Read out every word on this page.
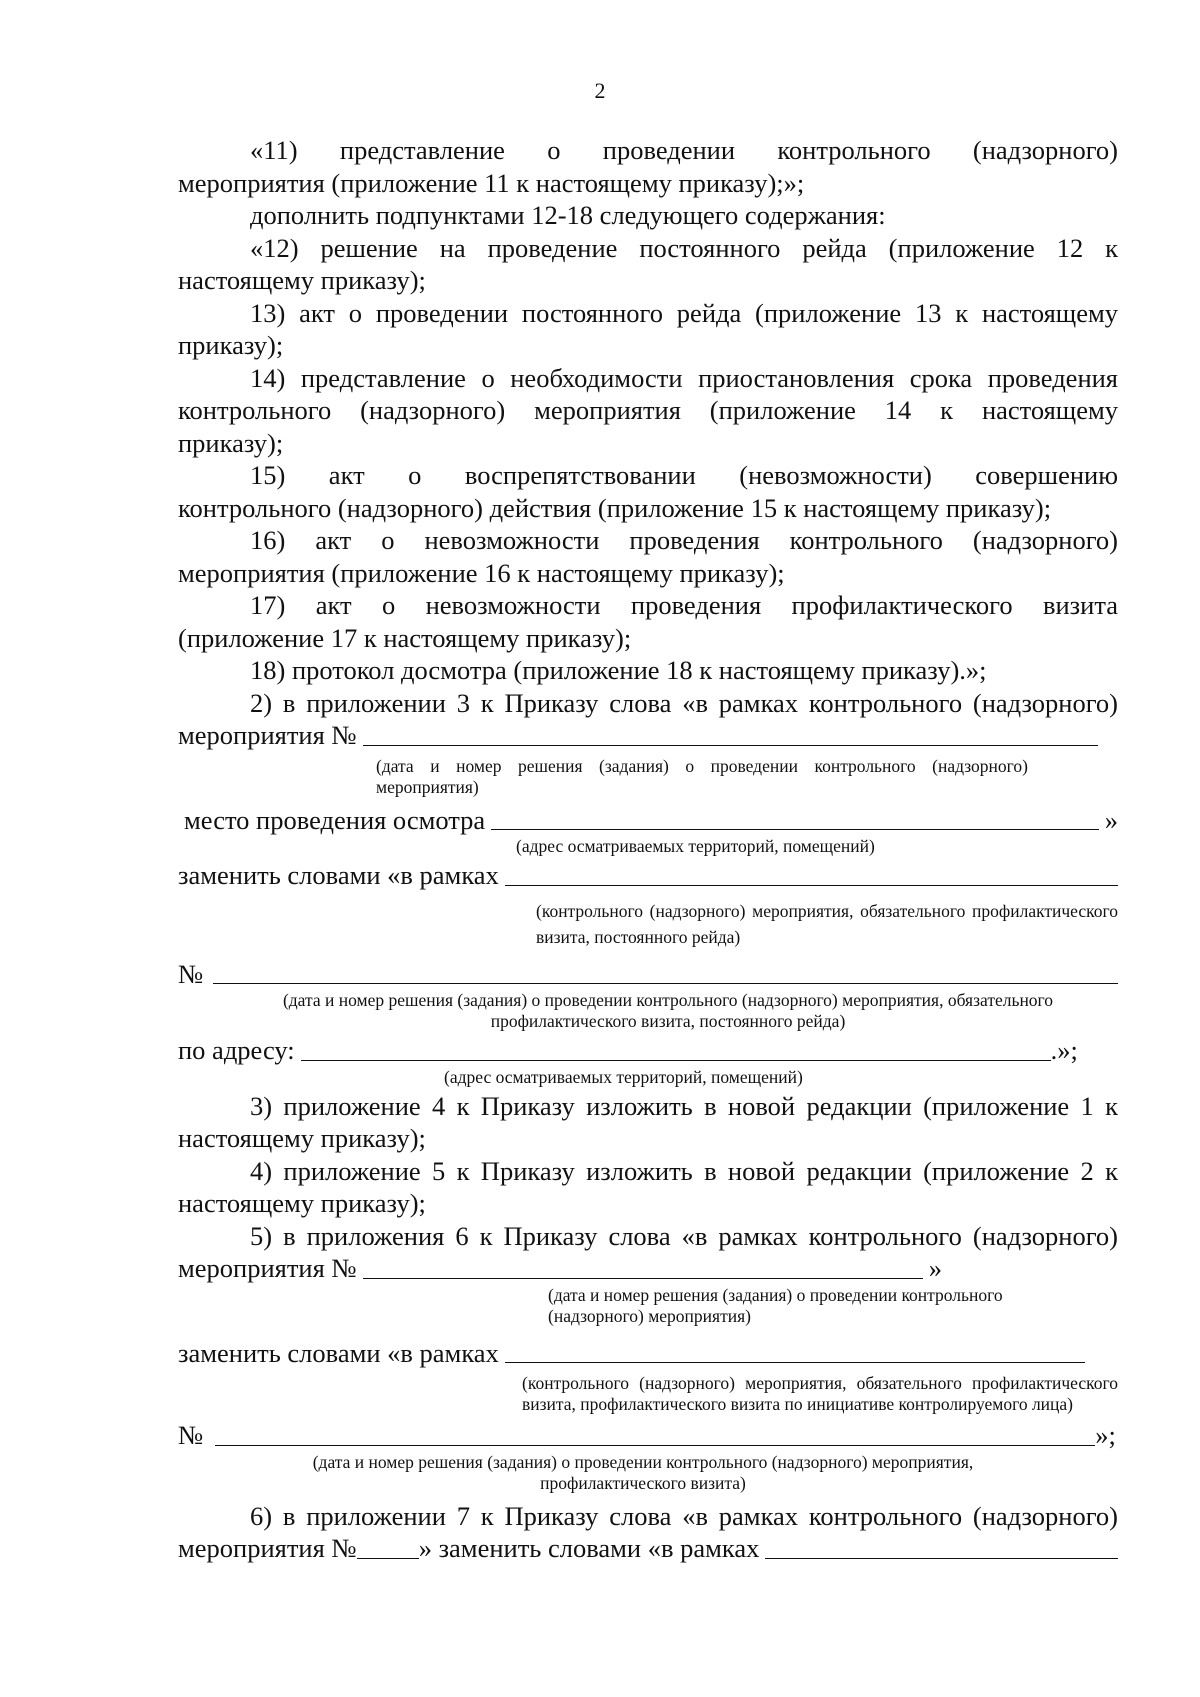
2

«11) представление о проведении контрольного (надзорного)

мероприятия (приложение 11 к настоящему приказу);»;

дополнить подпунктами 12-18 следующего содержания:

«12) решение на проведение постоянного рейда (приложение 12 к

настоящему приказу);

13) акт о проведении постоянного рейда (приложение 13 к настоящему

приказу);

14) представление о необходимости приостановления срока проведения

контрольного (надзорного) мероприятия (приложение 14 к настоящему

приказу);

15) акт о воспрепятствовании (невозможности) совершению

контрольного (надзорного) действия (приложение 15 к настоящему приказу);

16) акт о невозможности проведения контрольного (надзорного)

мероприятия (приложение 16 к настоящему приказу);

17) акт о невозможности проведения профилактического визита

(приложение 17 к настоящему приказу);

18) протокол досмотра (приложение 18 к настоящему приказу).»;

2) в приложении 3 к Приказу слова «в рамках контрольного (надзорного)

мероприятия №
(дата и номер решения (задания) о проведении контрольного (надзорного) мероприятия)
место проведения осмотра	»
(адрес осматриваемых территорий, помещений)
заменить словами «в рамках
(контрольного (надзорного) мероприятия, обязательного профилактического визита, постоянного рейда)
№
(дата и номер решения (задания) о проведении контрольного (надзорного) мероприятия, обязательного профилактического визита, постоянного рейда)
по адресу:	.»;
(адрес осматриваемых территорий, помещений)

3) приложение 4 к Приказу изложить в новой редакции (приложение 1 к

настоящему приказу);

4) приложение 5 к Приказу изложить в новой редакции (приложение 2 к

настоящему приказу);

5) в приложения 6 к Приказу слова «в рамках контрольного (надзорного)

мероприятия №	»
(дата и номер решения (задания) о проведении контрольного (надзорного) мероприятия)
заменить словами «в рамках
(контрольного (надзорного) мероприятия, обязательного профилактического визита, профилактического визита по инициативе контролируемого лица)
№	»;
(дата и номер решения (задания) о проведении контрольного (надзорного) мероприятия, профилактического визита)

6) в приложении 7 к Приказу слова «в рамках контрольного (надзорного)

мероприятия № » заменить словами «в рамках
